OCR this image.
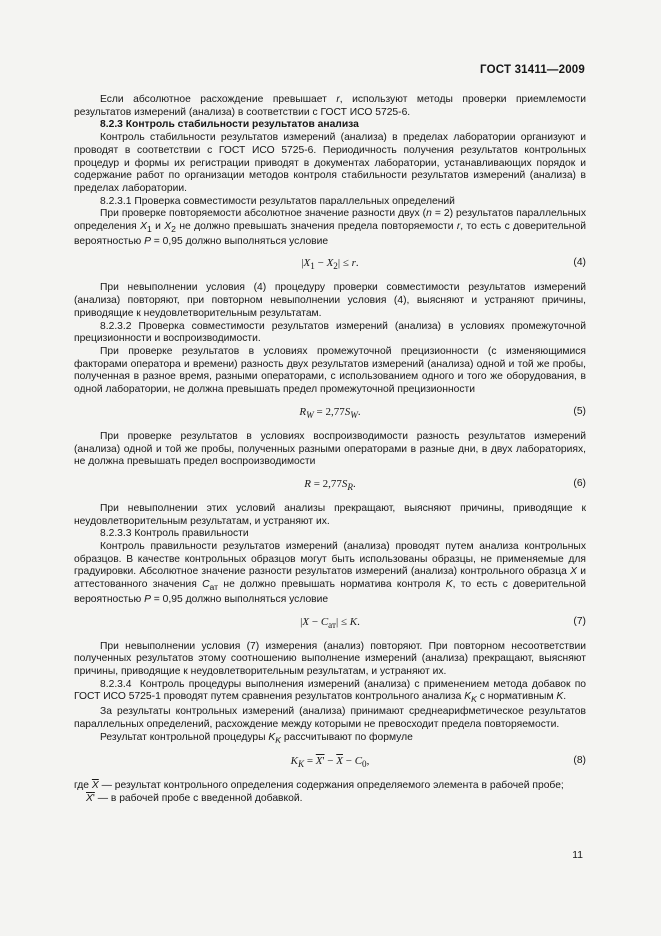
ГОСТ 31411—2009

Если абсолютное расхождение превышает r, используют методы проверки приемлемости результатов измерений (анализа) в соответствии с ГОСТ ИСО 5725-6.

8.2.3 Контроль стабильности результатов анализа

Контроль стабильности результатов измерений (анализа) в пределах лаборатории организуют и проводят в соответствии с ГОСТ ИСО 5725-6. Периодичность получения результатов контрольных процедур и формы их регистрации приводят в документах лаборатории, устанавливающих порядок и содержание работ по организации методов контроля стабильности результатов измерений (анализа) в пределах лаборатории.

8.2.3.1 Проверка совместимости результатов параллельных определений

При проверке повторяемости абсолютное значение разности двух (n = 2) результатов параллельных определения $X_1$ и $X_2$ не должно превышать значения предела повторяемости r, то есть с доверительной вероятностью P = 0,95 должно выполняться условие

$|X_1 - X_2| \le r$.	(4)

При невыполнении условия (4) процедуру проверки совместимости результатов измерений (анализа) повторяют, при повторном невыполнении условия (4), выясняют и устраняют причины, приводящие к неудовлетворительным результатам.

8.2.3.2 Проверка совместимости результатов измерений (анализа) в условиях промежуточной прецизионности и воспроизводимости.

При проверке результатов в условиях промежуточной прецизионности (с изменяющимися факторами оператора и времени) разность двух результатов измерений (анализа) одной и той же пробы, полученная в разное время, разными операторами, с использованием одного и того же оборудования, в одной лаборатории, не должна превышать предел промежуточной прецизионности

$R_W = 2,77S_W$.	(5)

При проверке результатов в условиях воспроизводимости разность результатов измерений (анализа) одной и той же пробы, полученных разными операторами в разные дни, в двух лабораториях, не должна превышать предел воспроизводимости

$R = 2,77S_R$.	(6)

При невыполнении этих условий анализы прекращают, выясняют причины, приводящие к неудовлетворительным результатам, и устраняют их.

8.2.3.3 Контроль правильности

Контроль правильности результатов измерений (анализа) проводят путем анализа контрольных образцов. В качестве контрольных образцов могут быть использованы образцы, не применяемые для градуировки. Абсолютное значение разности результатов измерений (анализа) контрольного образца X и аттестованного значения $C_{ат}$ не должно превышать норматива контроля K, то есть с доверительной вероятностью P = 0,95 должно выполняться условие

$|X - C_{ат}| \le K$.	(7)

При невыполнении условия (7) измерения (анализ) повторяют. При повторном несоответствии полученных результатов этому соотношению выполнение измерений (анализа) прекращают, выясняют причины, приводящие к неудовлетворительным результатам, и устраняют их.

8.2.3.4  Контроль процедуры выполнения измерений (анализа) с применением метода добавок по ГОСТ ИСО 5725-1 проводят путем сравнения результатов контрольного анализа $K_K$ с нормативным K.

За результаты контрольных измерений (анализа) принимают среднеарифметическое результатов параллельных определений, расхождение между которыми не превосходит предела повторяемости.

Результат контрольной процедуры $K_K$ рассчитывают по формуле

$K_K = X' - \overline{X} - C_0$,	(8)

где $\overline{X}$ — результат контрольного определения содержания определяемого элемента в рабочей пробе;

X' — в рабочей пробе с введенной добавкой.

11
